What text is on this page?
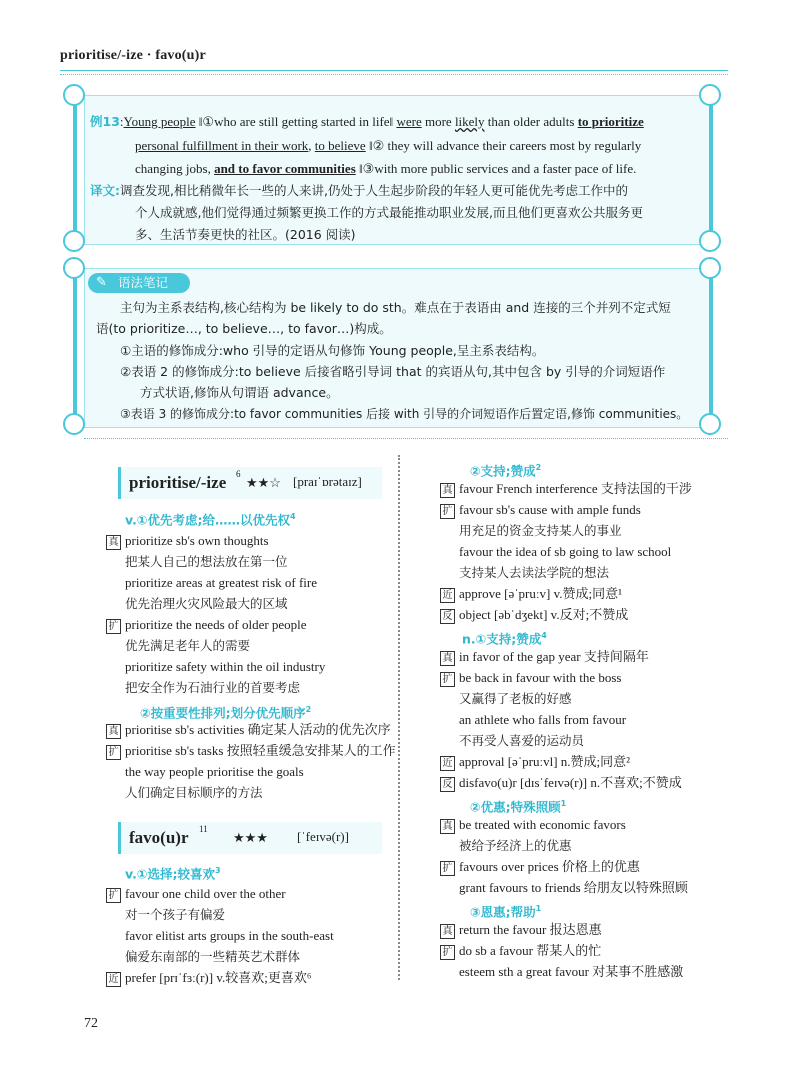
prioritise/-ize · favo(u)r
例13:Young people ‖①who are still getting started in life‖ were more likely than older adults to prioritize
personal fulfillment in their work, to believe ‖② they will advance their careers most by regularly
changing jobs, and to favor communities ‖③with more public services and a faster pace of life.
译文:调查发现,相比稍微年长一些的人来讲,仍处于人生起步阶段的年轻人更可能优先考虑工作中的
个人成就感,他们觉得通过频繁更换工作的方式最能推动职业发展,而且他们更喜欢公共服务更
多、生活节奏更快的社区。(2016 阅读)
✎ 语法笔记
主句为主系表结构,核心结构为 be likely to do sth。难点在于表语由 and 连接的三个并列不定式短
语(to prioritize…, to believe…, to favor…)构成。
①主语的修饰成分:who 引导的定语从句修饰 Young people,呈主系表结构。
②表语 2 的修饰成分:to believe 后接省略引导词 that 的宾语从句,其中包含 by 引导的介词短语作
方式状语,修饰从句谓语 advance。
③表语 3 的修饰成分:to favor communities 后接 with 引导的介词短语作后置定语,修饰 communities。
prioritise/-ize 6
★★☆ [praɪˈɒrətaɪz]
v.①优先考虑;给……以优先权$^4$
真 prioritize sb's own thoughts
把某人自己的想法放在第一位
prioritize areas at greatest risk of fire
优先治理火灾风险最大的区域
扩 prioritize the needs of older people
优先满足老年人的需要
prioritize safety within the oil industry
把安全作为石油行业的首要考虑
②按重要性排列;划分优先顺序$^2$
真 prioritise sb's activities 确定某人活动的优先次序
扩 prioritise sb's tasks 按照轻重缓急安排某人的工作
the way people prioritise the goals
人们确定目标顺序的方法
favo(u)r 11
★★★ [ˈfeɪvə(r)]
v.①选择;较喜欢$^3$
扩 favour one child over the other
对一个孩子有偏爱
favor elitist arts groups in the south-east
偏爱东南部的一些精英艺术群体
近 prefer [prɪˈfɜː(r)] v.较喜欢;更喜欢⁶
②支持;赞成$^2$
真 favour French interference 支持法国的干涉
扩 favour sb's cause with ample funds
用充足的资金支持某人的事业
favour the idea of sb going to law school
支持某人去读法学院的想法
近 approve [əˈpruːv] v.赞成;同意¹
反 object [əbˈdʒekt] v.反对;不赞成
n.①支持;赞成$^4$
真 in favor of the gap year 支持间隔年
扩 be back in favour with the boss
又赢得了老板的好感
an athlete who falls from favour
不再受人喜爱的运动员
近 approval [əˈpruːvl] n.赞成;同意²
反 disfavo(u)r [dɪsˈfeɪvə(r)] n.不喜欢;不赞成
②优惠;特殊照顾$^1$
真 be treated with economic favors
被给予经济上的优惠
扩 favours over prices 价格上的优惠
grant favours to friends 给朋友以特殊照顾
③恩惠;帮助$^1$
真 return the favour 报达恩惠
扩 do sb a favour 帮某人的忙
esteem sth a great favour 对某事不胜感激
72
